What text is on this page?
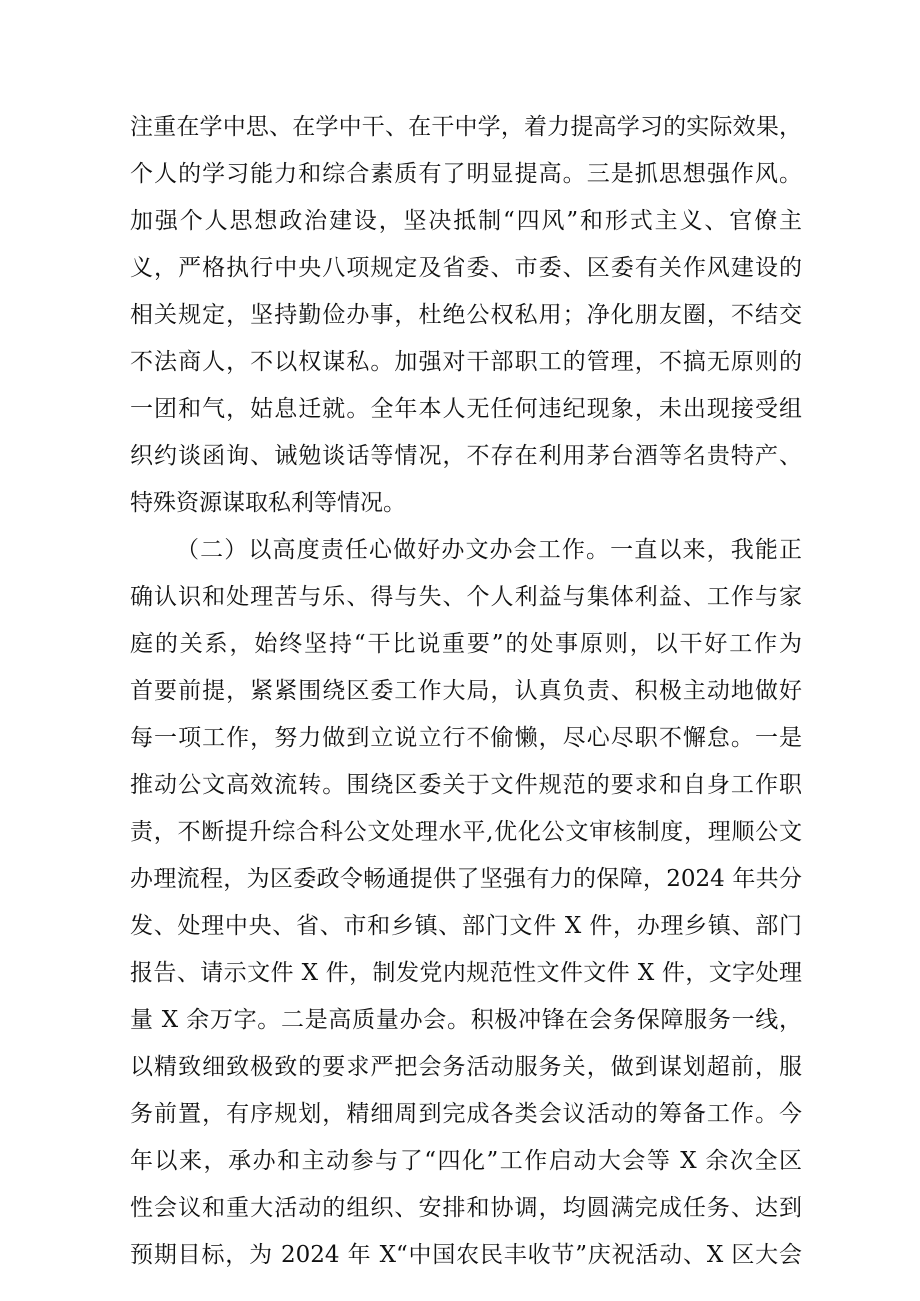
注重在学中思、在学中干、在干中学，着力提高学习的实际效果，
个人的学习能力和综合素质有了明显提高。三是抓思想强作风。
加强个人思想政治建设，坚决抵制“四风”和形式主义、官僚主
义，严格执行中央八项规定及省委、市委、区委有关作风建设的
相关规定，坚持勤俭办事，杜绝公权私用；净化朋友圈，不结交
不法商人，不以权谋私。加强对干部职工的管理，不搞无原则的
一团和气，姑息迁就。全年本人无任何违纪现象，未出现接受组
织约谈函询、诫勉谈话等情况，不存在利用茅台酒等名贵特产、
特殊资源谋取私利等情况。
（二）以高度责任心做好办文办会工作。一直以来，我能正
确认识和处理苦与乐、得与失、个人利益与集体利益、工作与家
庭的关系，始终坚持“干比说重要”的处事原则，以干好工作为
首要前提，紧紧围绕区委工作大局，认真负责、积极主动地做好
每一项工作，努力做到立说立行不偷懒，尽心尽职不懈怠。一是
推动公文高效流转。围绕区委关于文件规范的要求和自身工作职
责，不断提升综合科公文处理水平,优化公文审核制度，理顺公文
办理流程，为区委政令畅通提供了坚强有力的保障，2024 年共分
发、处理中央、省、市和乡镇、部门文件 X 件，办理乡镇、部门
报告、请示文件 X 件，制发党内规范性文件文件 X 件，文字处理
量 X 余万字。二是高质量办会。积极冲锋在会务保障服务一线，
以精致细致极致的要求严把会务活动服务关，做到谋划超前，服
务前置，有序规划，精细周到完成各类会议活动的筹备工作。今
年以来，承办和主动参与了“四化”工作启动大会等 X 余次全区
性会议和重大活动的组织、安排和协调，均圆满完成任务、达到
预期目标，为 2024 年 X“中国农民丰收节”庆祝活动、X 区大会
